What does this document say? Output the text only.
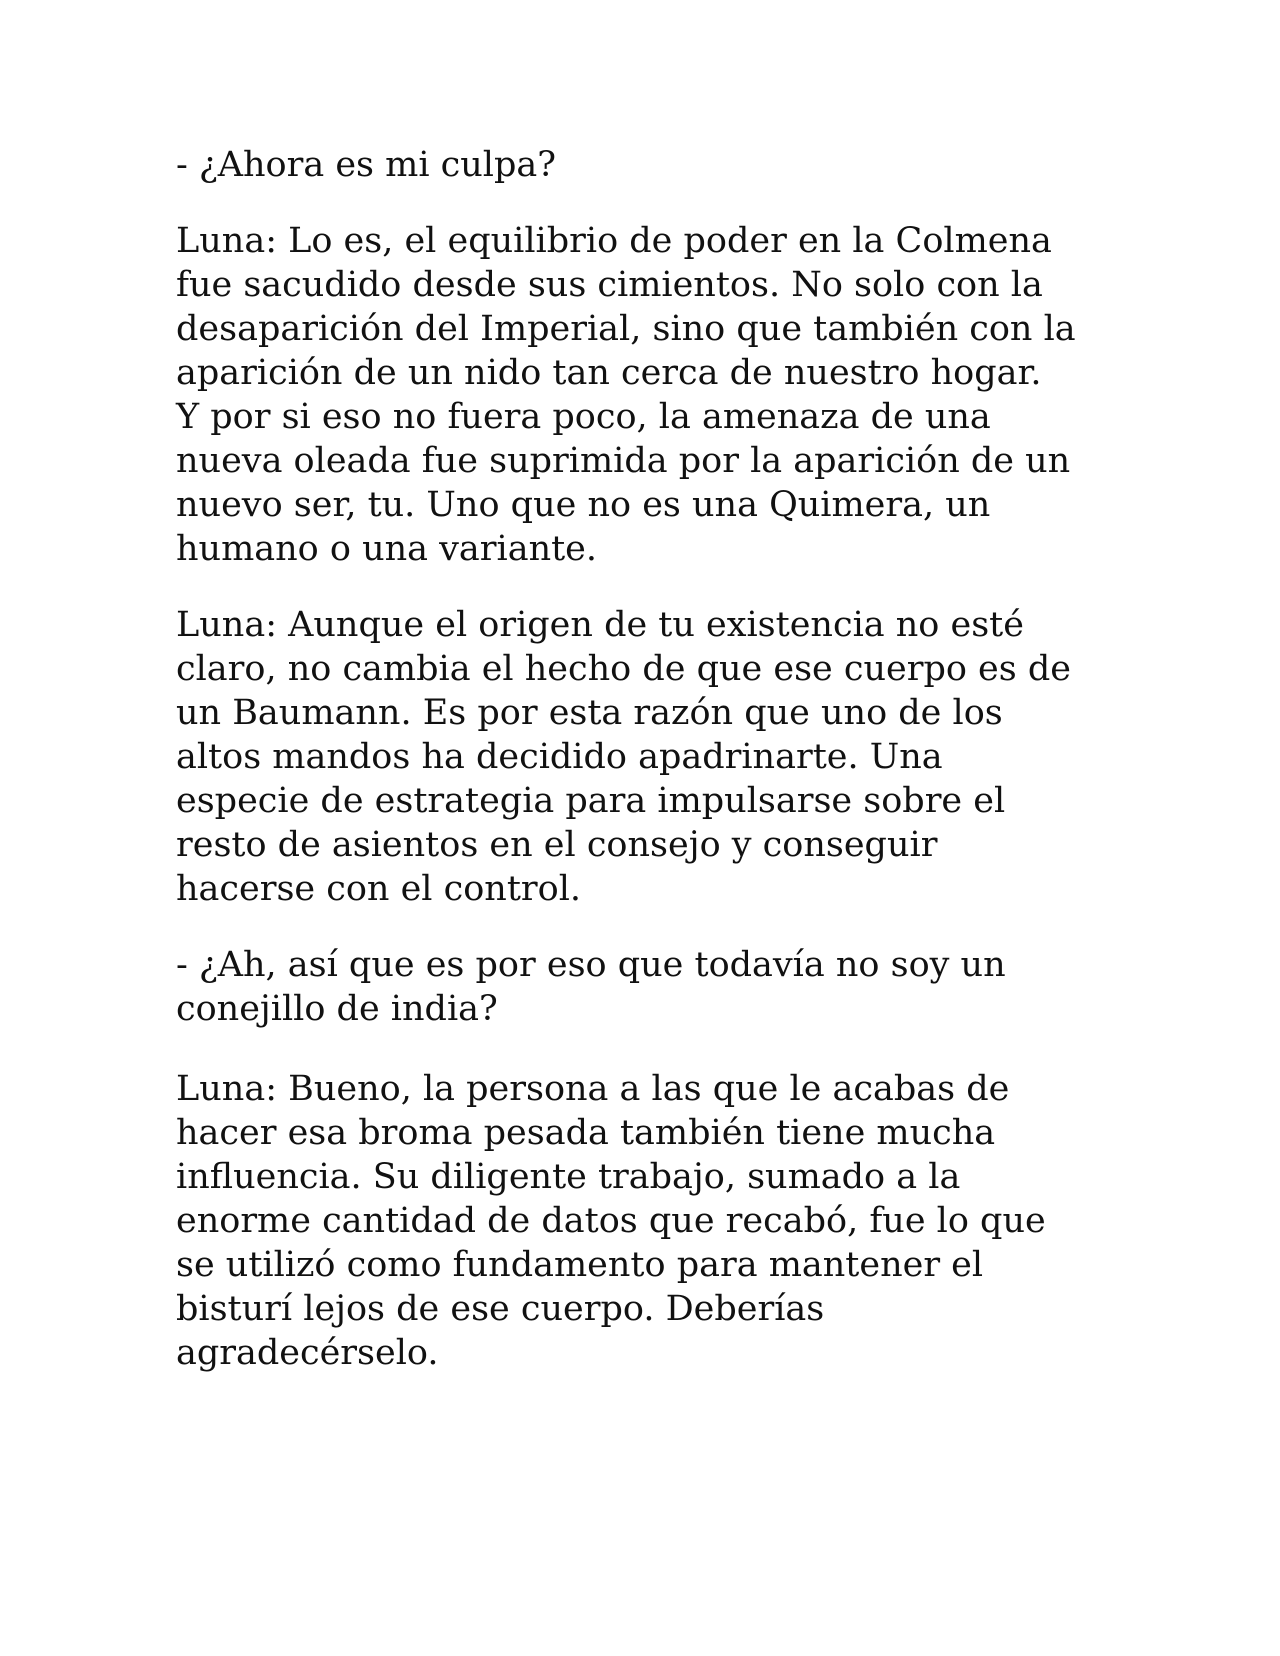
- ¿Ahora es mi culpa?

Luna: Lo es, el equilibrio de poder en la Colmena

fue sacudido desde sus cimientos. No solo con la

desaparición del Imperial, sino que también con la

aparición de un nido tan cerca de nuestro hogar.

Y por si eso no fuera poco, la amenaza de una

nueva oleada fue suprimida por la aparición de un

nuevo ser, tu. Uno que no es una Quimera, un

humano o una variante.

Luna: Aunque el origen de tu existencia no esté

claro, no cambia el hecho de que ese cuerpo es de

un Baumann. Es por esta razón que uno de los

altos mandos ha decidido apadrinarte. Una

especie de estrategia para impulsarse sobre el

resto de asientos en el consejo y conseguir

hacerse con el control.

- ¿Ah, así que es por eso que todavía no soy un

conejillo de india?

Luna: Bueno, la persona a las que le acabas de

hacer esa broma pesada también tiene mucha

influencia. Su diligente trabajo, sumado a la

enorme cantidad de datos que recabó, fue lo que

se utilizó como fundamento para mantener el

bisturí lejos de ese cuerpo. Deberías

agradecérselo.
